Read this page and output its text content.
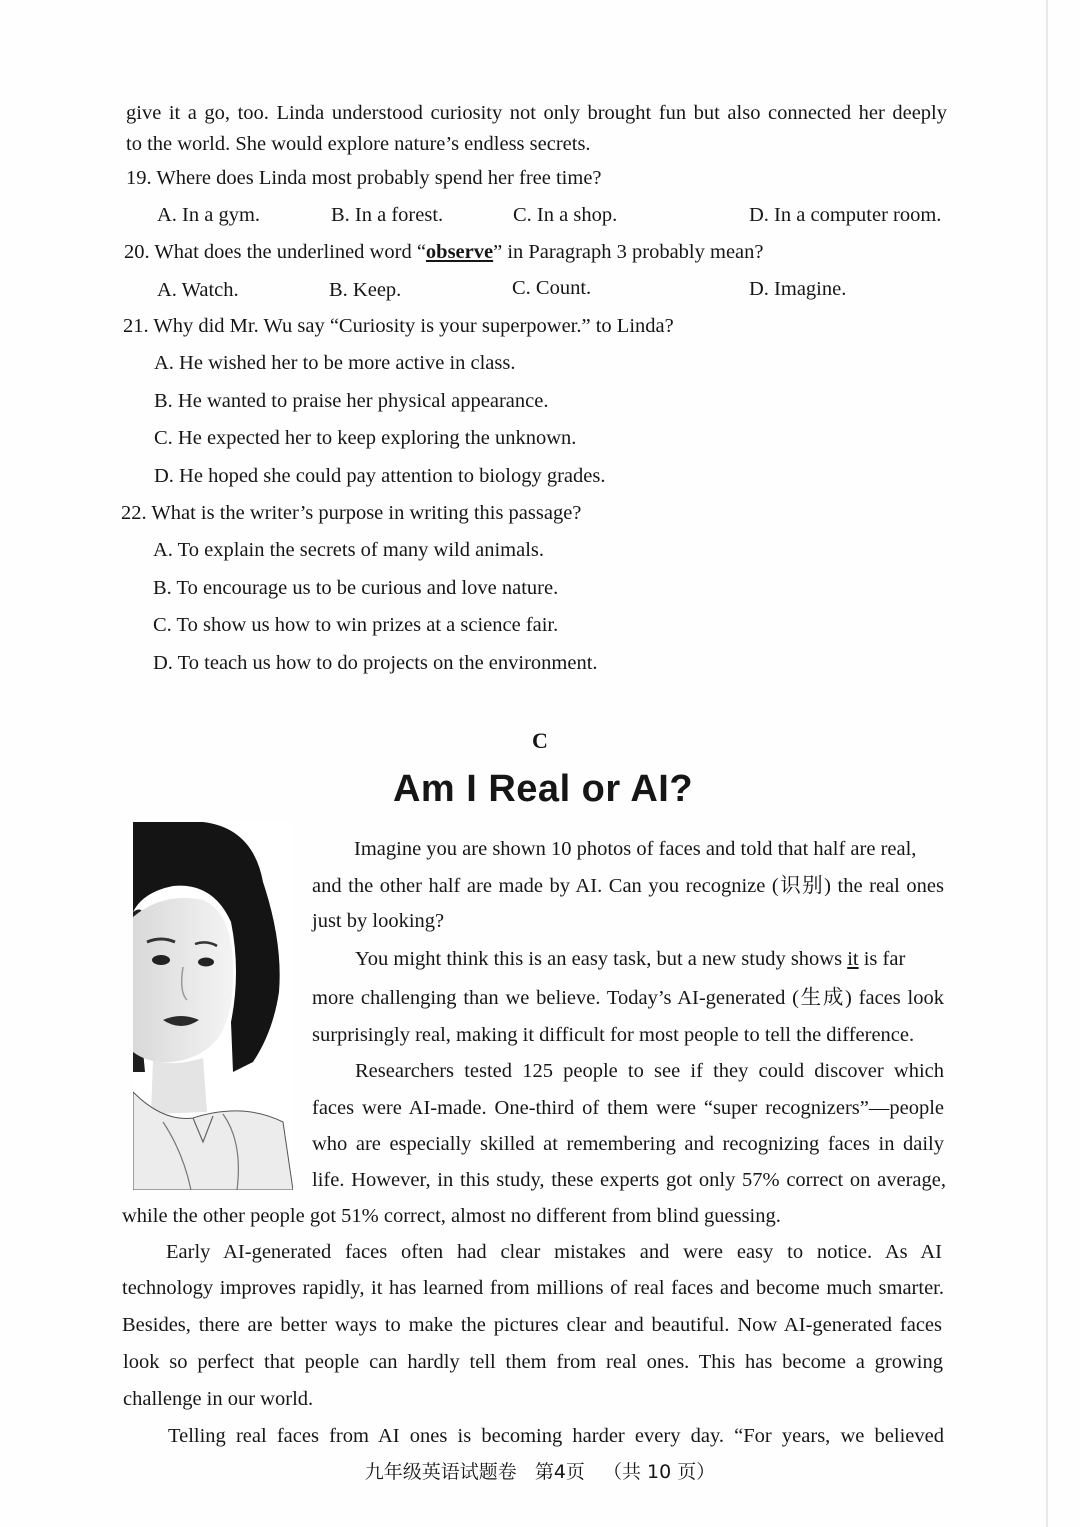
give it a go, too. Linda understood curiosity not only brought fun but also connected her deeply
to the world. She would explore nature’s endless secrets.
19. Where does Linda most probably spend her free time?
A. In a gym.	B. In a forest.	C. In a shop.	D. In a computer room.
20. What does the underlined word “observe” in Paragraph 3 probably mean?
A. Watch.	B. Keep.	C. Count.	D. Imagine.
21. Why did Mr. Wu say “Curiosity is your superpower.” to Linda?
A. He wished her to be more active in class.
B. He wanted to praise her physical appearance.
C. He expected her to keep exploring the unknown.
D. He hoped she could pay attention to biology grades.
22. What is the writer’s purpose in writing this passage?
A. To explain the secrets of many wild animals.
B. To encourage us to be curious and love nature.
C. To show us how to win prizes at a science fair.
D. To teach us how to do projects on the environment.
C
Am I Real or AI?
Imagine you are shown 10 photos of faces and told that half are real,
and the other half are made by AI. Can you recognize (识别) the real ones
just by looking?
You might think this is an easy task, but a new study shows it is far
more challenging than we believe. Today’s AI-generated (生成) faces look
surprisingly real, making it difficult for most people to tell the difference.
Researchers tested 125 people to see if they could discover which
faces were AI-made. One-third of them were “super recognizers”—people
who are especially skilled at remembering and recognizing faces in daily
life. However, in this study, these experts got only 57% correct on average,
while the other people got 51% correct, almost no different from blind guessing.
Early AI-generated faces often had clear mistakes and were easy to notice. As AI
technology improves rapidly, it has learned from millions of real faces and become much smarter.
Besides, there are better ways to make the pictures clear and beautiful. Now AI-generated faces
look so perfect that people can hardly tell them from real ones. This has become a growing
challenge in our world.
Telling real faces from AI ones is becoming harder every day. “For years, we believed
九年级英语试题卷 第4页 （共 10 页）
